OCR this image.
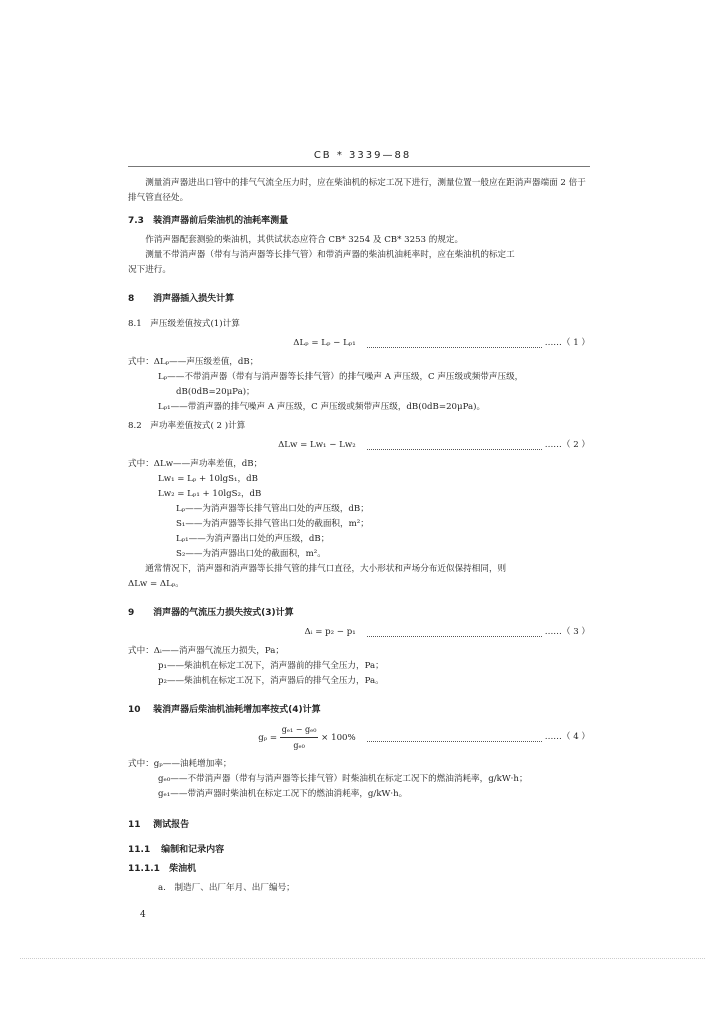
CB * 3339—88

测量消声器进出口管中的排气气流全压力时，应在柴油机的标定工况下进行，测量位置一般应在距消声器端面 2 倍于排气管直径处。

7.3 装消声器前后柴油机的油耗率测量

作消声器配套测验的柴油机，其供试状态应符合 CB* 3254 及 CB* 3253 的规定。

测量不带消声器（带有与消声器等长排气管）和带消声器的柴油机油耗率时，应在柴油机的标定工

况下进行。

8 消声器插入损失计算
8.1　 声压级差值按式(1)计算
ΔLₚ = Lₚ − Lₚ₁	……（ 1 ）

式中：ΔLₚ——声压级差值，dB；

Lₚ——不带消声器（带有与消声器等长排气管）的排气噪声 A 声压级，C 声压级或频带声压级，

dB(0dB=20μPa)；

Lₚ₁——带消声器的排气噪声 A 声压级，C 声压级或频带声压级，dB(0dB=20μPa)。

8.2　 声功率差值按式( 2 )计算
ΔLw = Lw₁ − Lw₂	……（ 2 ）

式中：ΔLw——声功率差值，dB；

Lw₁ = Lₚ + 10lgS₁，dB

Lw₂ = Lₚ₁ + 10lgS₂，dB

Lₚ——为消声器等长排气管出口处的声压级，dB；

S₁——为消声器等长排气管出口处的截面积，m²；

Lₚ₁——为消声器出口处的声压级，dB；

S₂——为消声器出口处的截面积，m²。

通常情况下，消声器和消声器等长排气管的排气口直径，大小形状和声场分布近似保持相同，则

ΔLw = ΔLₚ。

9 消声器的气流压力损失按式(3)计算
Δᵢ = p₂ − p₁	……（ 3 ）

式中：Δᵢ——消声器气流压力损失，Pa；

p₁——柴油机在标定工况下，消声器前的排气全压力，Pa；

p₂——柴油机在标定工况下，消声器后的排气全压力，Pa。

10 装消声器后柴油机油耗增加率按式(4)计算
$g_p = \frac{\text{gₑ₁ − gₑ₀}}{\text{gₑ₀}} \times 100\%$	……（ 4 ）

式中：gₚ——油耗增加率；

gₑ₀——不带消声器（带有与消声器等长排气管）时柴油机在标定工况下的燃油消耗率，g/kW·h；

gₑ₁——带消声器时柴油机在标定工况下的燃油消耗率，g/kW·h。

11 测试报告
11.1 编制和记录内容
11.1.1 柴油机

a.　制造厂、出厂年月、出厂编号；

4
